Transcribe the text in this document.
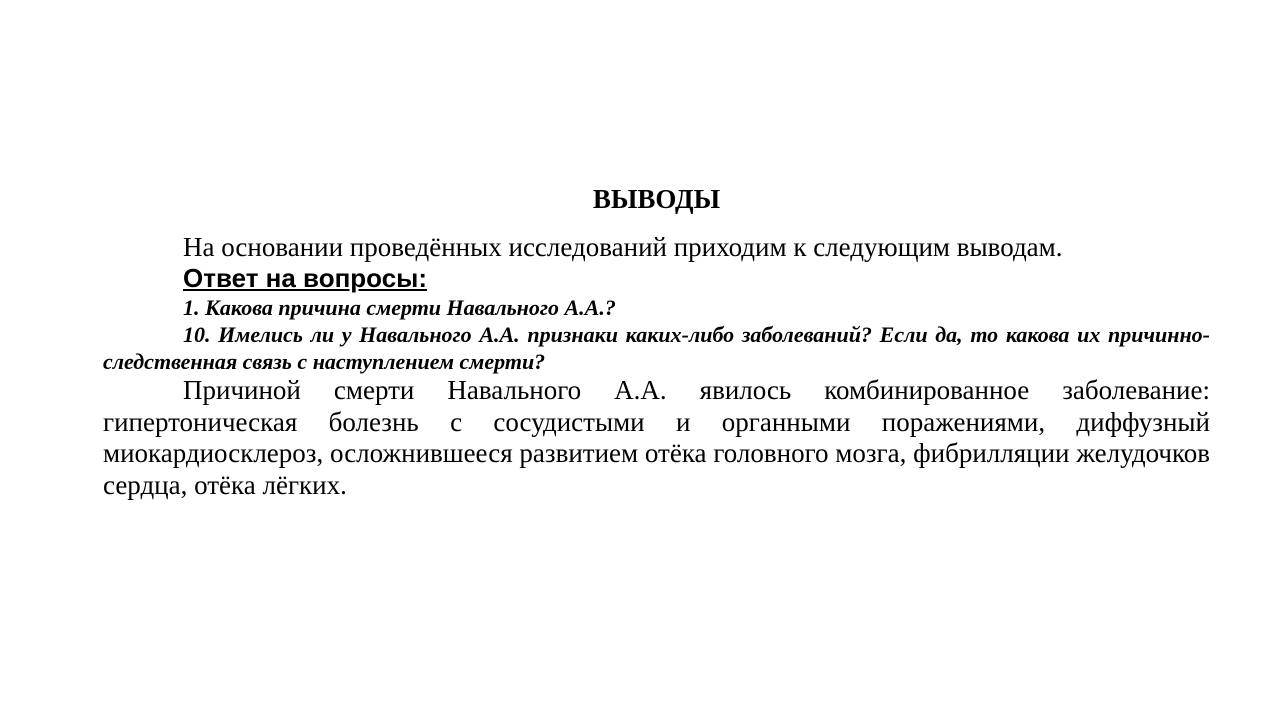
ВЫВОДЫ

На основании проведённых исследований приходим к следующим выводам.

Ответ на вопросы:

1. Какова причина смерти Навального А.А.?

10. Имелись ли у Навального А.А. признаки каких-либо заболеваний? Если да, то какова их причинно-следственная связь с наступлением смерти?

Причиной смерти Навального А.А. явилось комбинированное заболевание: гипертоническая болезнь с сосудистыми и органными поражениями, диффузный миокардиосклероз, осложнившееся развитием отёка головного мозга, фибрилляции желудочков сердца, отёка лёгких.
